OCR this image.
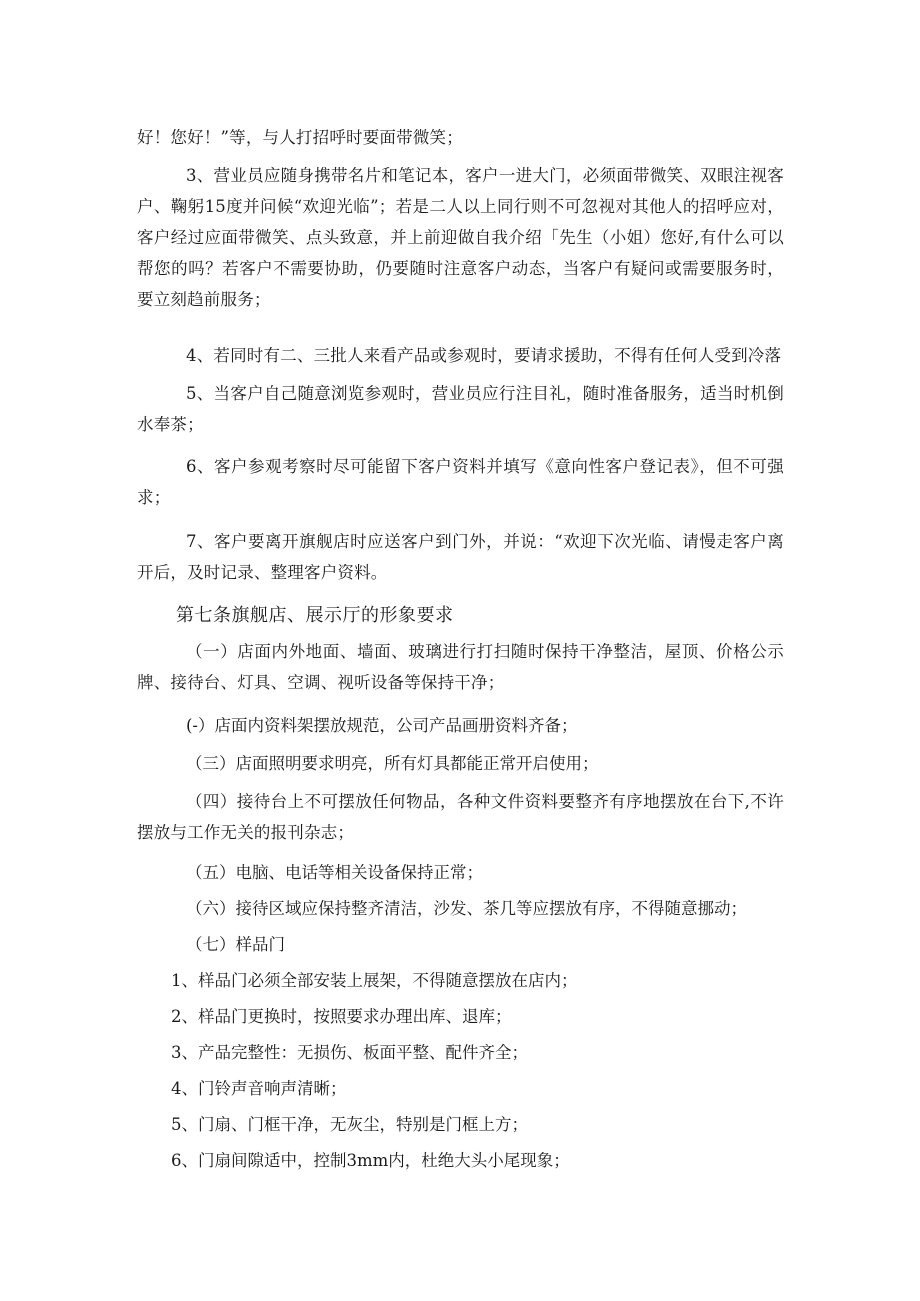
好！您好！”等，与人打招呼时要面带微笑；

3、营业员应随身携带名片和笔记本，客户一进大门，必须面带微笑、双眼注视客户、鞠躬15度并问候“欢迎光临”；若是二人以上同行则不可忽视对其他人的招呼应对，客户经过应面带微笑、点头致意，并上前迎做自我介绍「先生（小姐）您好,有什么可以帮您的吗？若客户不需要协助，仍要随时注意客户动态，当客户有疑问或需要服务时，要立刻趋前服务；

4、若同时有二、三批人来看产品或参观时，要请求援助，不得有任何人受到冷落

5、当客户自己随意浏览参观时，营业员应行注目礼，随时准备服务，适当时机倒水奉茶；

6、客户参观考察时尽可能留下客户资料并填写《意向性客户登记表》，但不可强求；

7、客户要离开旗舰店时应送客户到门外，并说：“欢迎下次光临、请慢走客户离开后，及时记录、整理客户资料。

第七条旗舰店、展示厅的形象要求

（一）店面内外地面、墙面、玻璃进行打扫随时保持干净整洁，屋顶、价格公示牌、接待台、灯具、空调、视听设备等保持干净；

(-）店面内资料架摆放规范，公司产品画册资料齐备；
（三）店面照明要求明亮，所有灯具都能正常开启使用；

（四）接待台上不可摆放任何物品，各种文件资料要整齐有序地摆放在台下,不许摆放与工作无关的报刊杂志；

（五）电脑、电话等相关设备保持正常；
（六）接待区域应保持整齐清洁，沙发、茶几等应摆放有序，不得随意挪动；
（七）样品门
1、样品门必须全部安装上展架，不得随意摆放在店内；
2、样品门更换时，按照要求办理出库、退库；
3、产品完整性：无损伤、板面平整、配件齐全；
4、门铃声音响声清晰；
5、门扇、门框干净，无灰尘，特别是门框上方；
6、门扇间隙适中，控制3mm内，杜绝大头小尾现象；
